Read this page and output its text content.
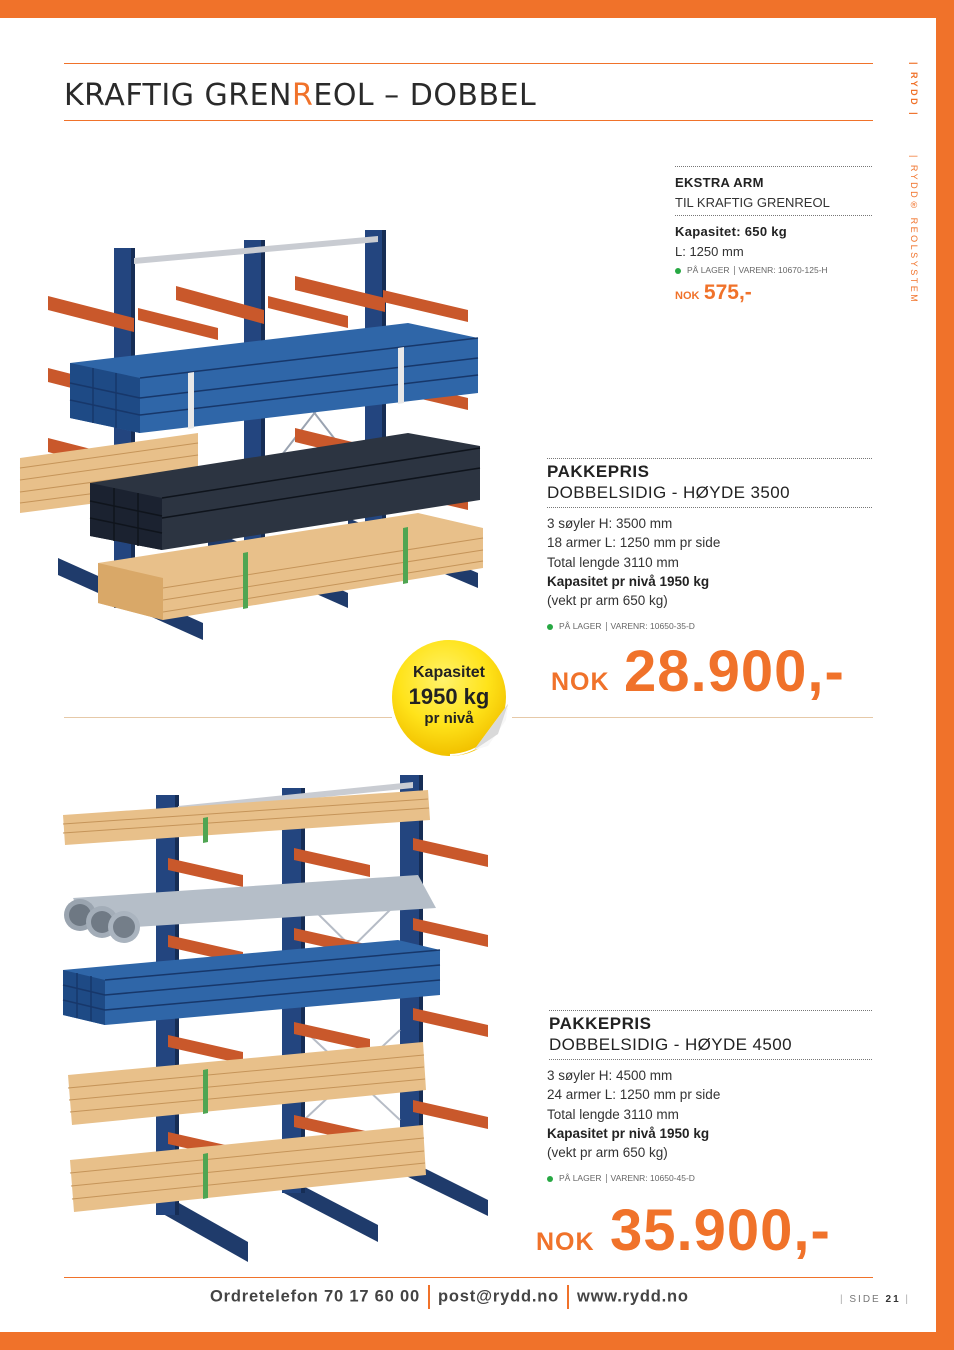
KRAFTIG GRENREOL – DOBBEL	| RYDD |
| RYDD® REOLSYSTEM
EKSTRA ARM
TIL KRAFTIG GRENREOL
Kapasitet: 650 kg
L: 1250 mm
PÅ LAGER VARENR: 10670-125-H
NOK 575,-
PAKKEPRIS
DOBBELSIDIG - HØYDE 3500
3 søyler H: 3500 mm
18 armer L: 1250 mm pr side
Total lengde 3110 mm
Kapasitet pr nivå 1950 kg
(vekt pr arm 650 kg)
PÅ LAGER VARENR: 10650-35-D
NOK 28.900,-
Kapasitet
1950 kg
pr nivå
PAKKEPRIS
DOBBELSIDIG - HØYDE 4500
3 søyler H: 4500 mm
24 armer L: 1250 mm pr side
Total lengde 3110 mm
Kapasitet pr nivå 1950 kg
(vekt pr arm 650 kg)
PÅ LAGER VARENR: 10650-45-D
NOK 35.900,-
Ordretelefon 70 17 60 00 post@rydd.no www.rydd.no	| SIDE 21 |
